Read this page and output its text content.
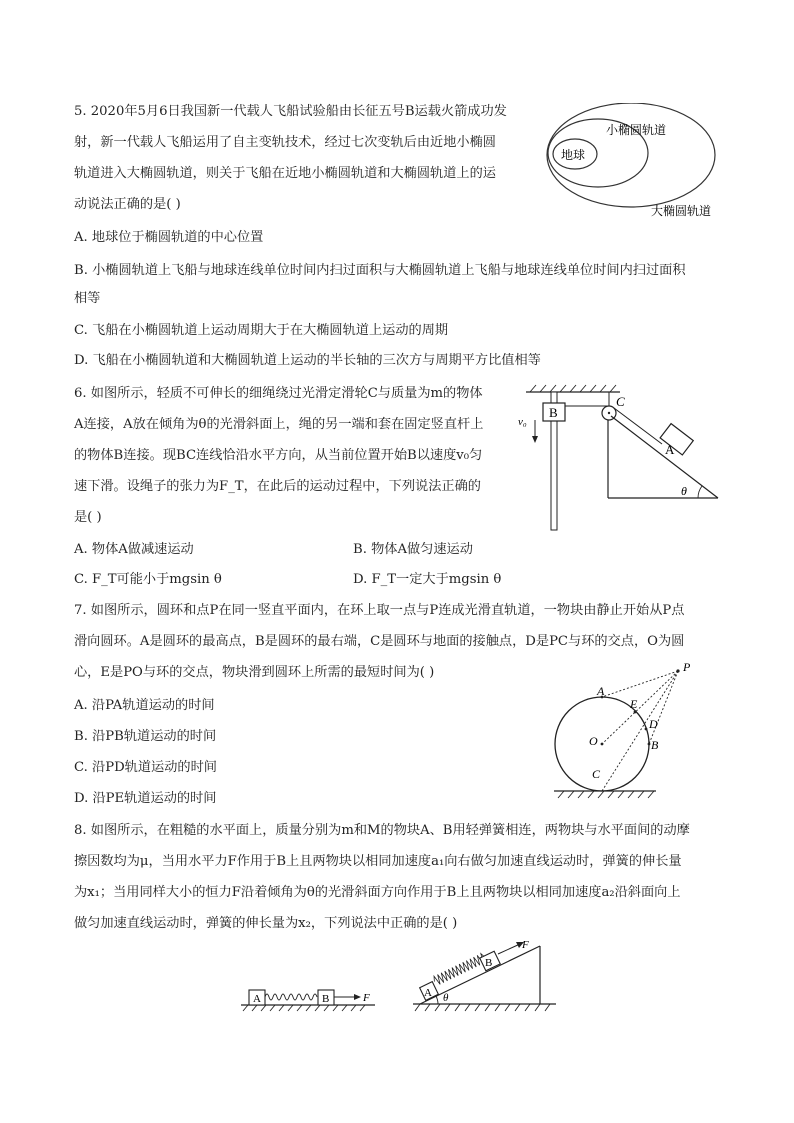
5. 2020年5月6日我国新一代载人飞船试验船由长征五号B运载火箭成功发
射，新一代载人飞船运用了自主变轨技术，经过七次变轨后由近地小椭圆
轨道进入大椭圆轨道，则关于飞船在近地小椭圆轨道和大椭圆轨道上的运
动说法正确的是( )
A. 地球位于椭圆轨道的中心位置
B. 小椭圆轨道上飞船与地球连线单位时间内扫过面积与大椭圆轨道上飞船与地球连线单位时间内扫过面积
相等
C. 飞船在小椭圆轨道上运动周期大于在大椭圆轨道上运动的周期
D. 飞船在小椭圆轨道和大椭圆轨道上运动的半长轴的三次方与周期平方比值相等
地球
小椭圆轨道
大椭圆轨道
6. 如图所示，轻质不可伸长的细绳绕过光滑定滑轮C与质量为m的物体
A连接，A放在倾角为θ的光滑斜面上，绳的另一端和套在固定竖直杆上
的物体B连接。现BC连线恰沿水平方向，从当前位置开始B以速度v₀匀
速下滑。设绳子的张力为F_T，在此后的运动过程中，下列说法正确的
是( )
A. 物体A做减速运动	B. 物体A做匀速运动
C. F_T可能小于mgsin θ	D. F_T一定大于mgsin θ
B
v₀
C
θ
A
7. 如图所示，圆环和点P在同一竖直平面内，在环上取一点与P连成光滑直轨道，一物块由静止开始从P点
滑向圆环。A是圆环的最高点，B是圆环的最右端，C是圆环与地面的接触点，D是PC与环的交点，O为圆
心，E是PO与环的交点，物块滑到圆环上所需的最短时间为( )
A. 沿PA轨道运动的时间
B. 沿PB轨道运动的时间
C. 沿PD轨道运动的时间
D. 沿PE轨道运动的时间
P
A
E
D
O	B
C
8. 如图所示，在粗糙的水平面上，质量分别为m和M的物块A、B用轻弹簧相连，两物块与水平面间的动摩
擦因数均为μ，当用水平力F作用于B上且两物块以相同加速度a₁向右做匀加速直线运动时，弹簧的伸长量
为x₁；当用同样大小的恒力F沿着倾角为θ的光滑斜面方向作用于B上且两物块以相同加速度a₂沿斜面向上
做匀加速直线运动时，弹簧的伸长量为x₂，下列说法中正确的是( )
A	B	F	θ
A
B
F
